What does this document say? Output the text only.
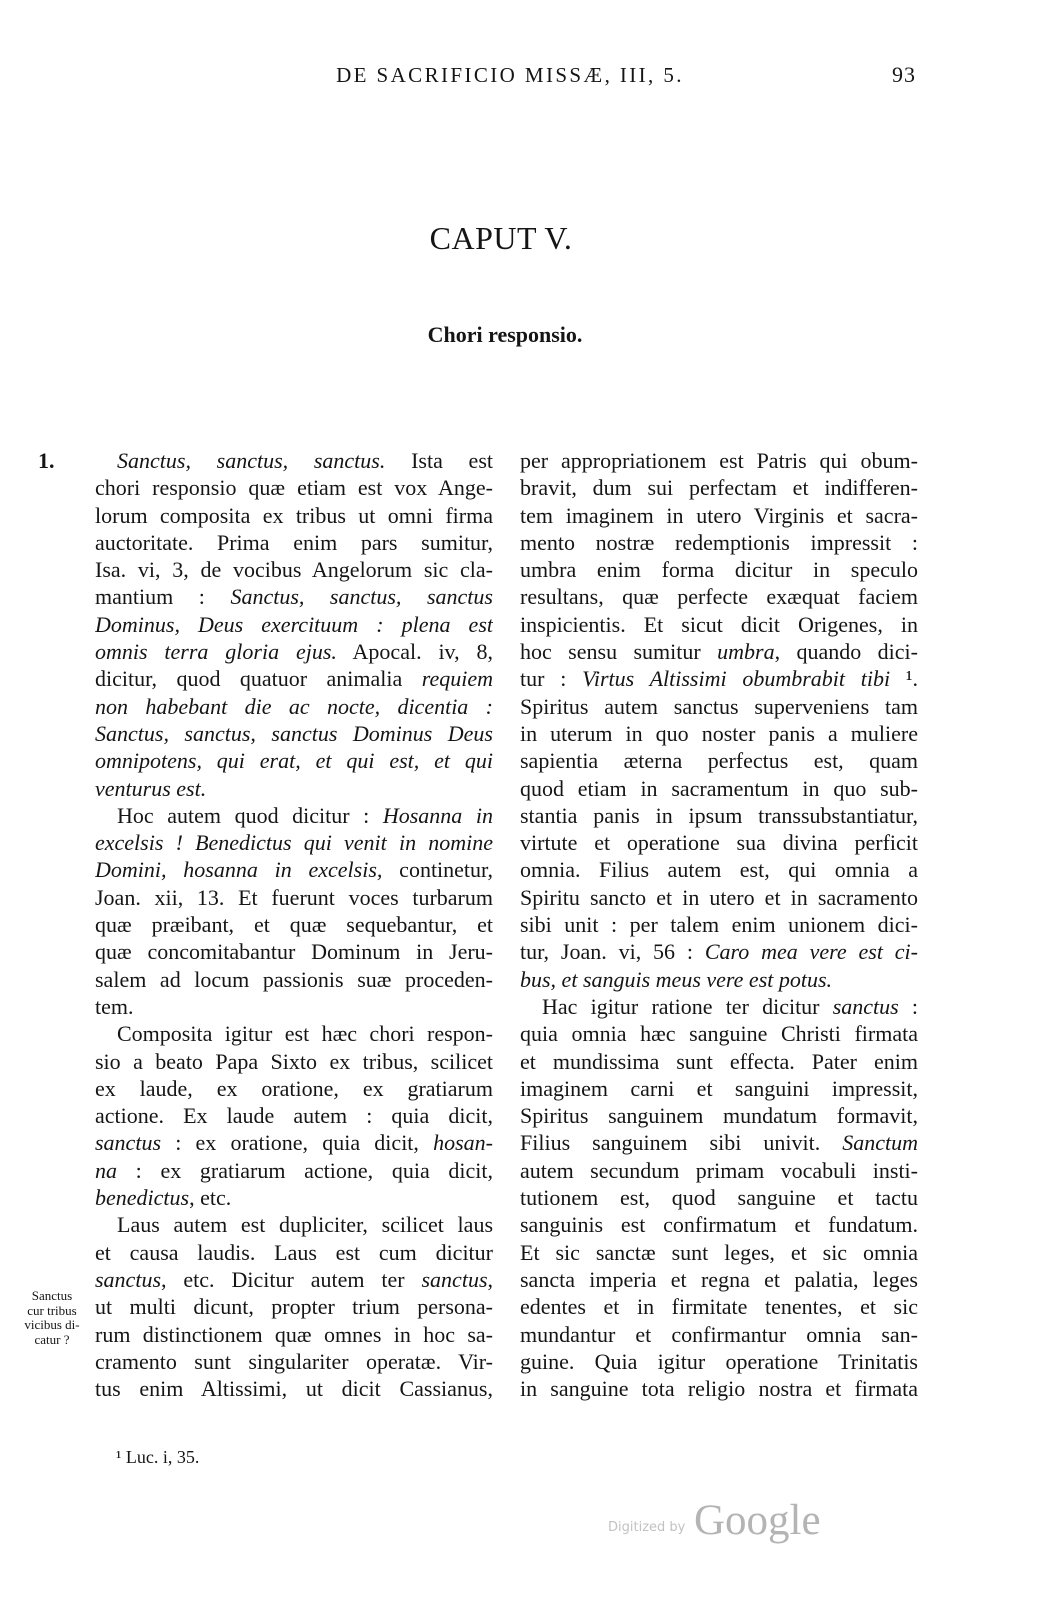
DE SACRIFICIO MISSÆ, III, 5.	93
CAPUT V.
Chori responsio.
1.	Sanctus, sanctus, sanctus. Ista est
chori responsio quæ etiam est vox Ange-
lorum composita ex tribus ut omni firma
auctoritate. Prima enim pars sumitur,
Isa. vi, 3, de vocibus Angelorum sic cla-
mantium : Sanctus, sanctus, sanctus
Dominus, Deus exercituum : plena est
omnis terra gloria ejus. Apocal. iv, 8,
dicitur, quod quatuor animalia requiem
non habebant die ac nocte, dicentia :
Sanctus, sanctus, sanctus Dominus Deus
omnipotens, qui erat, et qui est, et qui
venturus est.
Hoc autem quod dicitur : Hosanna in
excelsis ! Benedictus qui venit in nomine
Domini, hosanna in excelsis, continetur,
Joan. xii, 13. Et fuerunt voces turbarum
quæ præibant, et quæ sequebantur, et
quæ concomitabantur Dominum in Jeru-
salem ad locum passionis suæ proceden-
tem.
Composita igitur est hæc chori respon-
sio a beato Papa Sixto ex tribus, scilicet
ex laude, ex oratione, ex gratiarum
actione. Ex laude autem : quia dicit,
sanctus : ex oratione, quia dicit, hosan-
na : ex gratiarum actione, quia dicit,
benedictus, etc.
Laus autem est dupliciter, scilicet laus
et causa laudis. Laus est cum dicitur
sanctus, etc. Dicitur autem ter sanctus,
ut multi dicunt, propter trium persona-
rum distinctionem quæ omnes in hoc sa-
cramento sunt singulariter operatæ. Vir-
tus enim Altissimi, ut dicit Cassianus,
per appropriationem est Patris qui obum-
bravit, dum sui perfectam et indifferen-
tem imaginem in utero Virginis et sacra-
mento nostræ redemptionis impressit :
umbra enim forma dicitur in speculo
resultans, quæ perfecte exæquat faciem
inspicientis. Et sicut dicit Origenes, in
hoc sensu sumitur umbra, quando dici-
tur : Virtus Altissimi obumbrabit tibi ¹.
Spiritus autem sanctus superveniens tam
in uterum in quo noster panis a muliere
sapientia æterna perfectus est, quam
quod etiam in sacramentum in quo sub-
stantia panis in ipsum transsubstantiatur,
virtute et operatione sua divina perficit
omnia. Filius autem est, qui omnia a
Spiritu sancto et in utero et in sacramento
sibi unit : per talem enim unionem dici-
tur, Joan. vi, 56 : Caro mea vere est ci-
bus, et sanguis meus vere est potus.
Hac igitur ratione ter dicitur sanctus :
quia omnia hæc sanguine Christi firmata
et mundissima sunt effecta. Pater enim
imaginem carni et sanguini impressit,
Spiritus sanguinem mundatum formavit,
Filius sanguinem sibi univit. Sanctum
autem secundum primam vocabuli insti-
tutionem est, quod sanguine et tactu
sanguinis est confirmatum et fundatum.
Et sic sanctæ sunt leges, et sic omnia
sancta imperia et regna et palatia, leges
edentes et in firmitate tenentes, et sic
mundantur et confirmantur omnia san-
guine. Quia igitur operatione Trinitatis
in sanguine tota religio nostra et firmata
Sanctus
cur tribus
vicibus di-
catur ?
¹ Luc. i, 35.
Digitized by Google
